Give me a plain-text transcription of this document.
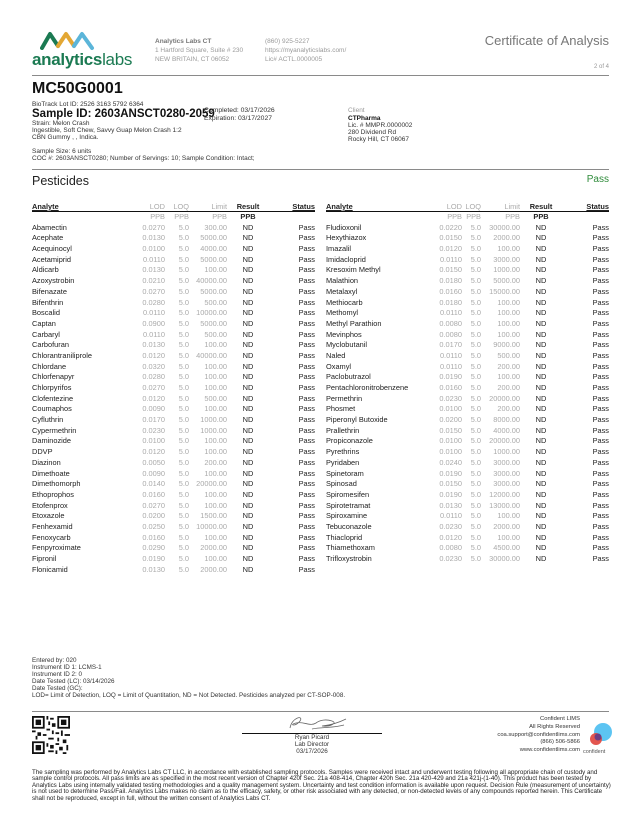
analyticslabs
Analytics Labs CT
1 Hartford Square, Suite # 230
NEW BRITAIN, CT 06052
(860) 925-5227
https://myanalyticslabs.com/
Lic# ACTL.0000005
Certificate of Analysis
2 of 4
MC50G0001
BioTrack Lot ID: 2526 3163 5792 6364
Sample ID: 2603ANSCT0280-2059
Strain: Melon Crash
Ingestible, Soft Chew, Savvy Guap Melon Crash 1:2
CBN Gummy , , Indica.
Sample Size: 6 units
COC #: 2603ANSCT0280; Number of Servings: 10; Sample Condition: Intact;
Completed: 03/17/2026
Expiration: 03/17/2027
Client
CTPharma
Lic. # MMPR.0000002
280 Dividend Rd
Rocky Hill, CT 06067
Pesticides	Pass
Analyte	LOD	LOQ	Limit	Result	Status
PPB	PPB	PPB	PPB
Abamectin	0.0270	5.0	300.00	ND	Pass
Acephate	0.0130	5.0	5000.00	ND	Pass
Acequinocyl	0.0100	5.0	4000.00	ND	Pass
Acetamiprid	0.0110	5.0	5000.00	ND	Pass
Aldicarb	0.0130	5.0	100.00	ND	Pass
Azoxystrobin	0.0210	5.0 40000.00	ND	Pass
Bifenazate	0.0270	5.0	5000.00	ND	Pass
Bifenthrin	0.0280	5.0	500.00	ND	Pass
Boscalid	0.0110	5.0 10000.00	ND	Pass
Captan	0.0900	5.0	5000.00	ND	Pass
Carbaryl	0.0110	5.0	500.00	ND	Pass
Carbofuran	0.0130	5.0	100.00	ND	Pass
Chlorantraniliprole	0.0120	5.0 40000.00	ND	Pass
Chlordane	0.0320	5.0	100.00	ND	Pass
Chlorfenapyr	0.0280	5.0	100.00	ND	Pass
Chlorpyrifos	0.0270	5.0	100.00	ND	Pass
Clofentezine	0.0120	5.0	500.00	ND	Pass
Coumaphos	0.0090	5.0	100.00	ND	Pass
Cyfluthrin	0.0170	5.0	1000.00	ND	Pass
Cypermethrin	0.0230	5.0	1000.00	ND	Pass
Daminozide	0.0100	5.0	100.00	ND	Pass
DDVP	0.0120	5.0	100.00	ND	Pass
Diazinon	0.0050	5.0	200.00	ND	Pass
Dimethoate	0.0090	5.0	100.00	ND	Pass
Dimethomorph	0.0140	5.0 20000.00	ND	Pass
Ethoprophos	0.0160	5.0	100.00	ND	Pass
Etofenprox	0.0270	5.0	100.00	ND	Pass
Etoxazole	0.0200	5.0	1500.00	ND	Pass
Fenhexamid	0.0250	5.0 10000.00	ND	Pass
Fenoxycarb	0.0160	5.0	100.00	ND	Pass
Fenpyroximate	0.0290	5.0	2000.00	ND	Pass
Fipronil	0.0190	5.0	100.00	ND	Pass
Flonicamid	0.0130	5.0	2000.00	ND	Pass
Analyte	LOD LOQ	Limit	Result	Status
PPB PPB	PPB	PPB
Fludioxonil	0.0220	5.0	30000.00	ND	Pass
Hexythiazox	0.0150	5.0	2000.00	ND	Pass
Imazalil	0.0120	5.0	100.00	ND	Pass
Imidacloprid	0.0110	5.0	3000.00	ND	Pass
Kresoxim Methyl	0.0150	5.0	1000.00	ND	Pass
Malathion	0.0180	5.0	5000.00	ND	Pass
Metalaxyl	0.0160	5.0	15000.00	ND	Pass
Methiocarb	0.0180	5.0	100.00	ND	Pass
Methomyl	0.0110	5.0	100.00	ND	Pass
Methyl Parathion	0.0080	5.0	100.00	ND	Pass
Mevinphos	0.0080	5.0	100.00	ND	Pass
Myclobutanil	0.0170	5.0	9000.00	ND	Pass
Naled	0.0110	5.0	500.00	ND	Pass
Oxamyl	0.0110	5.0	200.00	ND	Pass
Paclobutrazol	0.0190	5.0	100.00	ND	Pass
Pentachloronitrobenzene	0.0160	5.0	200.00	ND	Pass
Permethrin	0.0230	5.0	20000.00	ND	Pass
Phosmet	0.0100	5.0	200.00	ND	Pass
Piperonyl Butoxide	0.0200	5.0	8000.00	ND	Pass
Prallethrin	0.0150	5.0	4000.00	ND	Pass
Propiconazole	0.0100	5.0	20000.00	ND	Pass
Pyrethrins	0.0100	5.0	1000.00	ND	Pass
Pyridaben	0.0240	5.0	3000.00	ND	Pass
Spinetoram	0.0190	5.0	3000.00	ND	Pass
Spinosad	0.0150	5.0	3000.00	ND	Pass
Spiromesifen	0.0190	5.0	12000.00	ND	Pass
Spirotetramat	0.0130	5.0	13000.00	ND	Pass
Spiroxamine	0.0110	5.0	100.00	ND	Pass
Tebuconazole	0.0230	5.0	2000.00	ND	Pass
Thiacloprid	0.0120	5.0	100.00	ND	Pass
Thiamethoxam	0.0080	5.0	4500.00	ND	Pass
Trifloxystrobin	0.0230	5.0	30000.00	ND	Pass
Entered by: 020
Instrument ID 1: LCMS-1
Instrument ID 2: 0
Date Tested (LC): 03/14/2026
Date Tested (GC):
LOD= Limit of Detection, LOQ = Limit of Quantitation, ND = Not Detected. Pesticides analyzed per CT-SOP-008.
Ryan Picard
Lab Director
03/17/2026
Confident LIMS
All Rights Reserved
coa.support@confidentlims.com
(866) 506-5866
www.confidentlims.com confident
The sampling was performed by Analytics Labs CT LLC, in accordance with established sampling protocols. Samples were received intact and underwent testing following all appropriate chain of custody and sample control protocols. All pass limits are as specified in the most recent version of Chapter 420f Sec. 21a 408-414, Chapter 420h Sec. 21a 420-429 and 21a 421j-(1-40). This product has been tested by Analytics Labs using internally validated testing methodologies and a quality management system. Uncertainty and test condition information is available upon request. Decision Rule (measurement of uncertainty) is not used to determine Pass/Fail. Analytics Labs makes no claim as to the efficacy, safety, or other risk associated with any detected, or non-detected levels of any compounds reported herein. This Certificate shall not be reproduced, except in full, without the written consent of Analytics Labs CT.
